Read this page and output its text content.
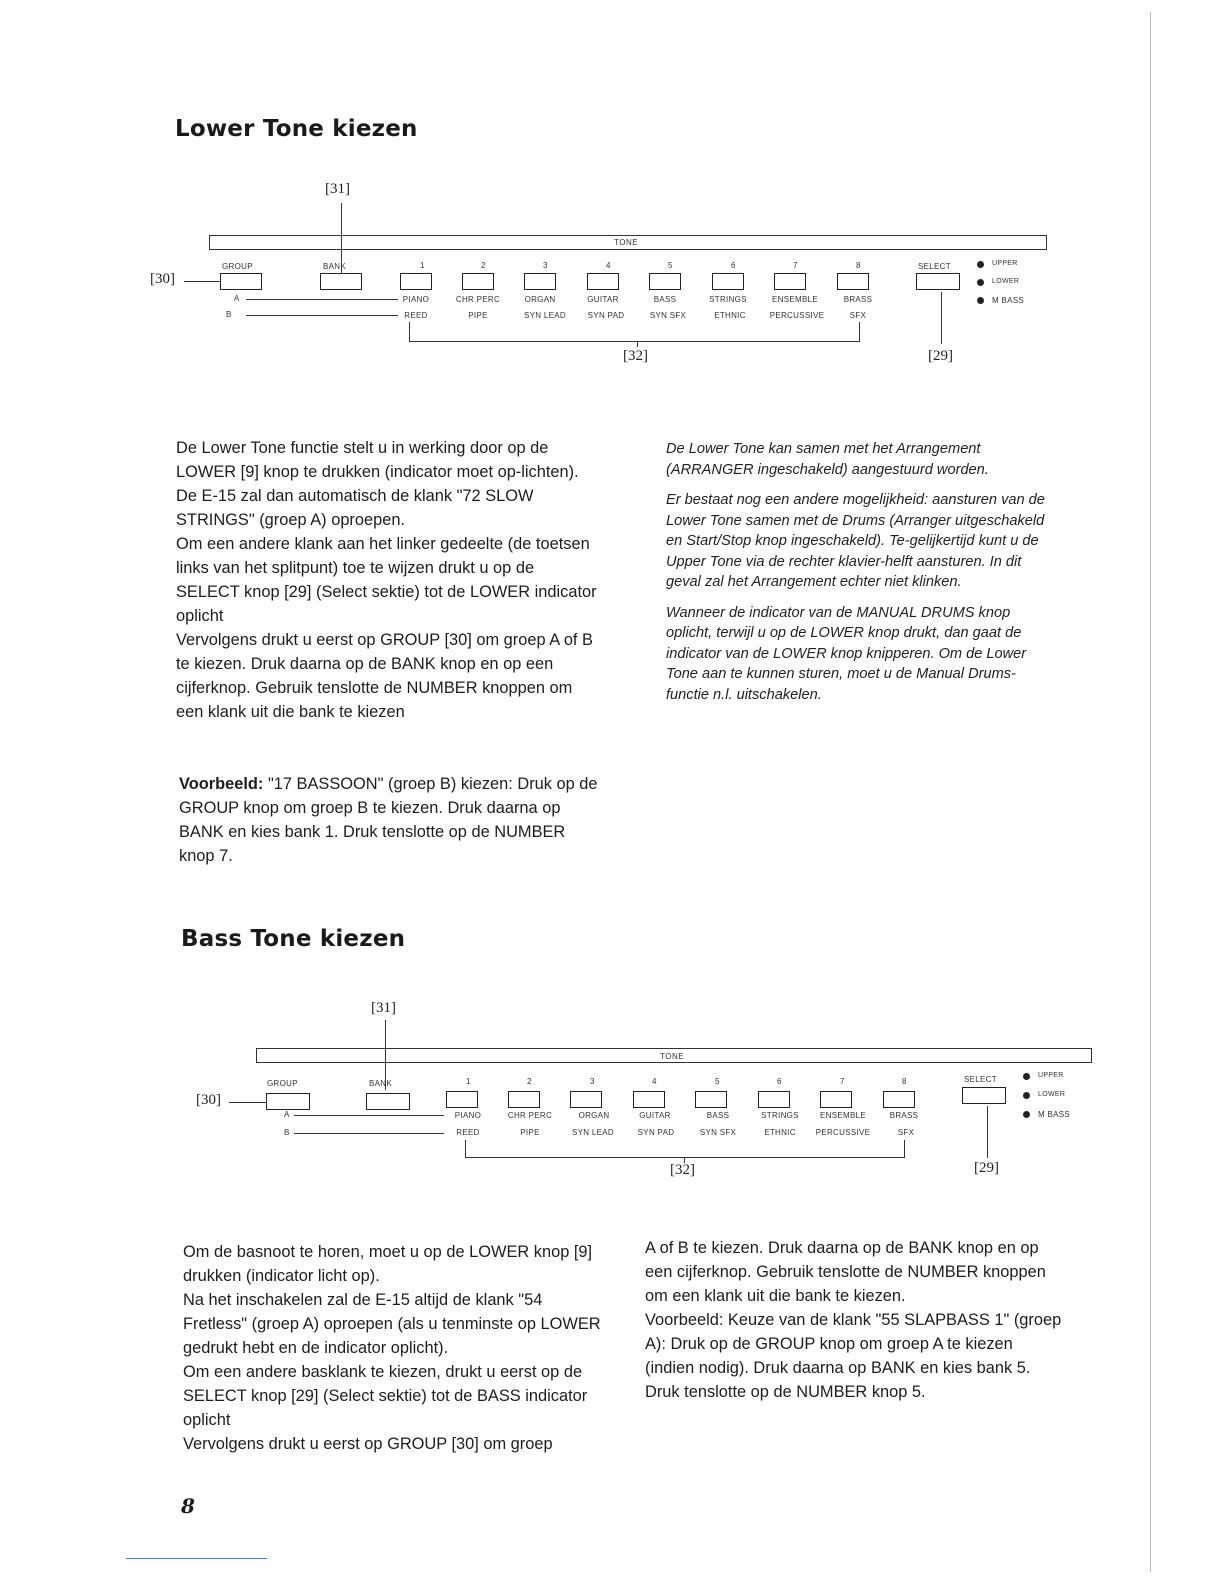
Lower Tone kiezen
[31]
TONE
GROUP	BANK
[30]
A
B
1	2	3	4	5	6	7	8
PIANO	CHR PERC	ORGAN	GUITAR	BASS	STRINGS	ENSEMBLE	BRASS
REED	PIPE	SYN LEAD	SYN PAD	SYN SFX	ETHNIC	PERCUSSIVE	SFX
[32]
SELECT
[29]
UPPER
LOWER
M BASS

De Lower Tone functie stelt u in werking door op de LOWER [9] knop te drukken (indicator moet op-lichten).

De E-15 zal dan automatisch de klank "72 SLOW STRINGS" (groep A) oproepen.

Om een andere klank aan het linker gedeelte (de toetsen links van het splitpunt) toe te wijzen drukt u op de SELECT knop [29] (Select sektie) tot de LOWER indicator oplicht

Vervolgens drukt u eerst op GROUP [30] om groep A of B te kiezen. Druk daarna op de BANK knop en op een cijferknop. Gebruik tenslotte de NUMBER knoppen om een klank uit die bank te kiezen

Voorbeeld: "17 BASSOON" (groep B) kiezen: Druk op de GROUP knop om groep B te kiezen. Druk daarna op BANK en kies bank 1. Druk tenslotte op de NUMBER knop 7.

De Lower Tone kan samen met het Arrangement (ARRANGER ingeschakeld) aangestuurd worden.

Er bestaat nog een andere mogelijkheid: aansturen van de Lower Tone samen met de Drums (Arranger uitgeschakeld en Start/Stop knop ingeschakeld). Te-gelijkertijd kunt u de Upper Tone via de rechter klavier-helft aansturen. In dit geval zal het Arrangement echter niet klinken.

Wanneer de indicator van de MANUAL DRUMS knop oplicht, terwijl u op de LOWER knop drukt, dan gaat de indicator van de LOWER knop knipperen. Om de Lower Tone aan te kunnen sturen, moet u de Manual Drums-functie n.l. uitschakelen.

Bass Tone kiezen
[31]
TONE
GROUP	BANK
[30]
A
B
1	2	3	4	5	6	7	8
PIANO	CHR PERC	ORGAN	GUITAR	BASS	STRINGS	ENSEMBLE	BRASS
REED	PIPE	SYN LEAD	SYN PAD	SYN SFX	ETHNIC	PERCUSSIVE	SFX
[32]
SELECT
[29]
UPPER
LOWER
M BASS

Om de basnoot te horen, moet u op de LOWER knop [9] drukken (indicator licht op).

Na het inschakelen zal de E-15 altijd de klank "54 Fretless" (groep A) oproepen (als u tenminste op LOWER gedrukt hebt en de indicator oplicht).

Om een andere basklank te kiezen, drukt u eerst op de SELECT knop [29] (Select sektie) tot de BASS indicator oplicht

Vervolgens drukt u eerst op GROUP [30] om groep

A of B te kiezen. Druk daarna op de BANK knop en op een cijferknop. Gebruik tenslotte de NUMBER knoppen om een klank uit die bank te kiezen.

Voorbeeld: Keuze van de klank "55 SLAPBASS 1" (groep A): Druk op de GROUP knop om groep A te kiezen (indien nodig). Druk daarna op BANK en kies bank 5. Druk tenslotte op de NUMBER knop 5.

8
